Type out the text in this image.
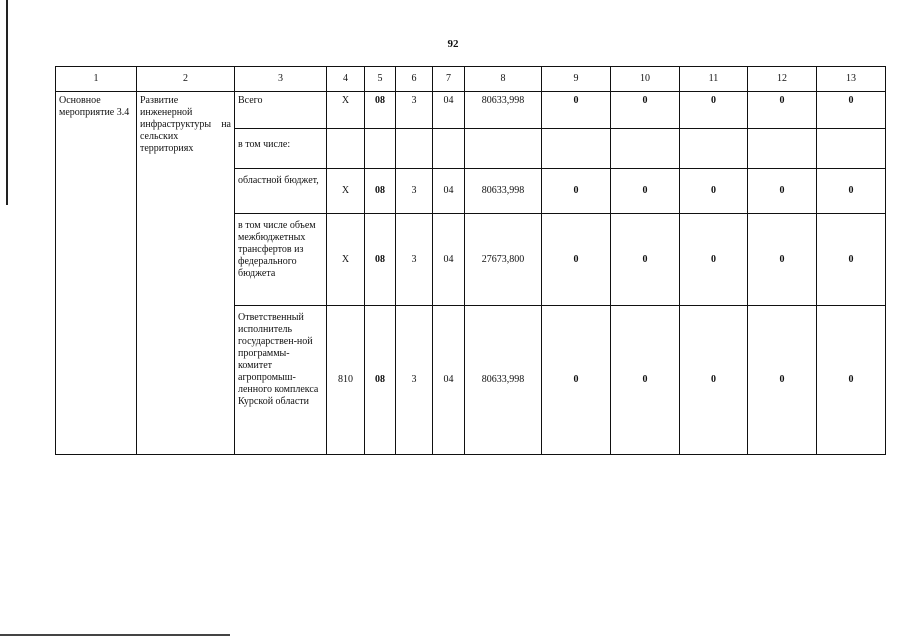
92
1	2	3	4	5	6	7	8	9	10	11	12	13
Основное мероприятие 3.4	Развитие инженерной инфраструктуры на сельских территориях	Всего	Х	08	3	04	80633,998	0	0	0	0	0
		в том числе:										
		областной бюджет,	Х	08	3	04	80633,998	0	0	0	0	0
		в том числе объем межбюджетных трансфертов из федерального бюджета	Х	08	3	04	27673,800	0	0	0	0	0
		Ответственный исполнитель государствен-ной программы-комитет агропромыш-ленного комплекса Курской области	810	08	3	04	80633,998	0	0	0	0	0
